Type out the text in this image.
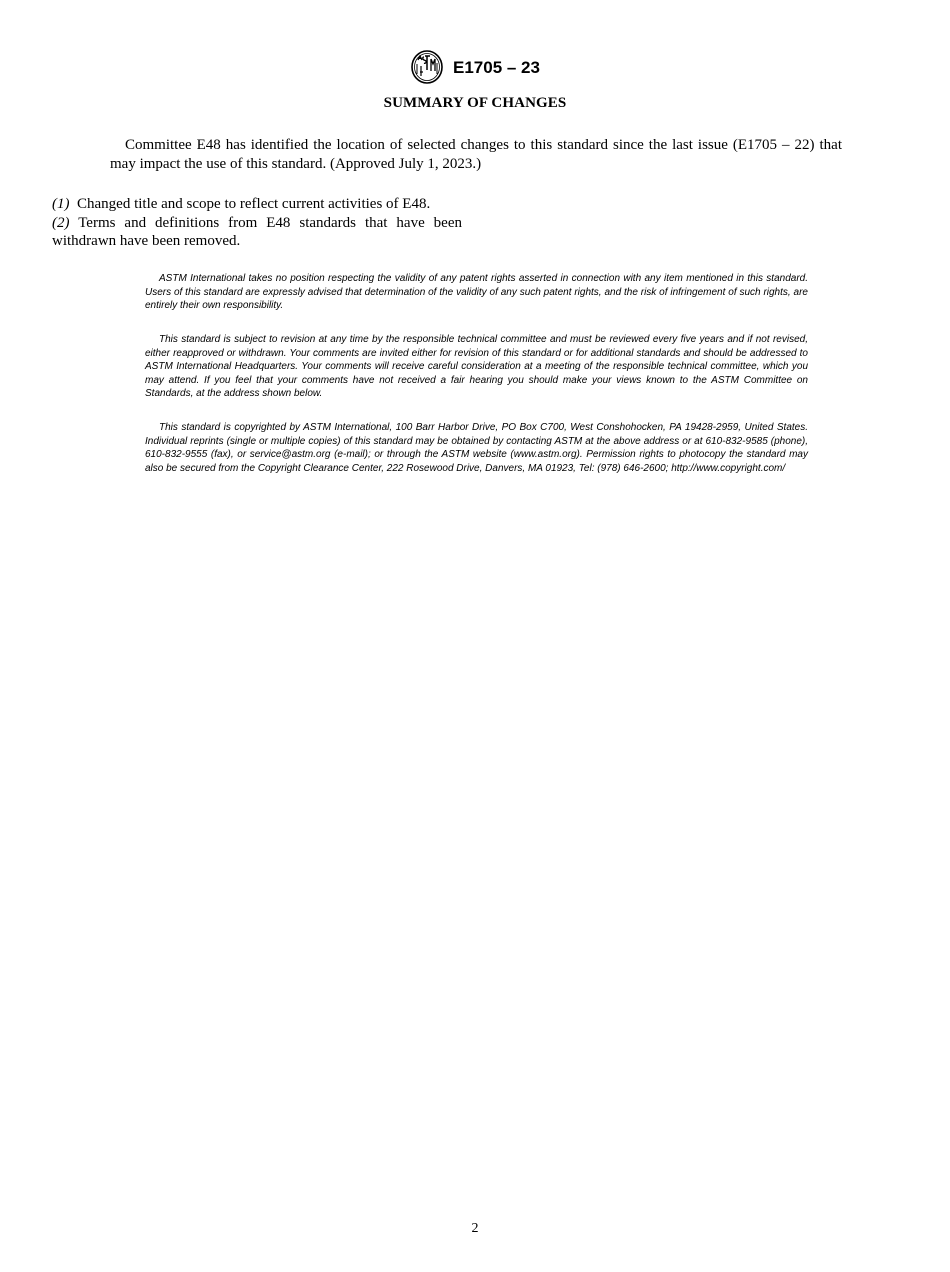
E1705 – 23
SUMMARY OF CHANGES

Committee E48 has identified the location of selected changes to this standard since the last issue (E1705 – 22) that may impact the use of this standard. (Approved July 1, 2023.)

(1) Changed title and scope to reflect current activities of E48.

(2) Terms and definitions from E48 standards that have been withdrawn have been removed.

ASTM International takes no position respecting the validity of any patent rights asserted in connection with any item mentioned in this standard. Users of this standard are expressly advised that determination of the validity of any such patent rights, and the risk of infringement of such rights, are entirely their own responsibility.

This standard is subject to revision at any time by the responsible technical committee and must be reviewed every five years and if not revised, either reapproved or withdrawn. Your comments are invited either for revision of this standard or for additional standards and should be addressed to ASTM International Headquarters. Your comments will receive careful consideration at a meeting of the responsible technical committee, which you may attend. If you feel that your comments have not received a fair hearing you should make your views known to the ASTM Committee on Standards, at the address shown below.

This standard is copyrighted by ASTM International, 100 Barr Harbor Drive, PO Box C700, West Conshohocken, PA 19428-2959, United States. Individual reprints (single or multiple copies) of this standard may be obtained by contacting ASTM at the above address or at 610-832-9585 (phone), 610-832-9555 (fax), or service@astm.org (e-mail); or through the ASTM website (www.astm.org). Permission rights to photocopy the standard may also be secured from the Copyright Clearance Center, 222 Rosewood Drive, Danvers, MA 01923, Tel: (978) 646-2600; http://www.copyright.com/

2
